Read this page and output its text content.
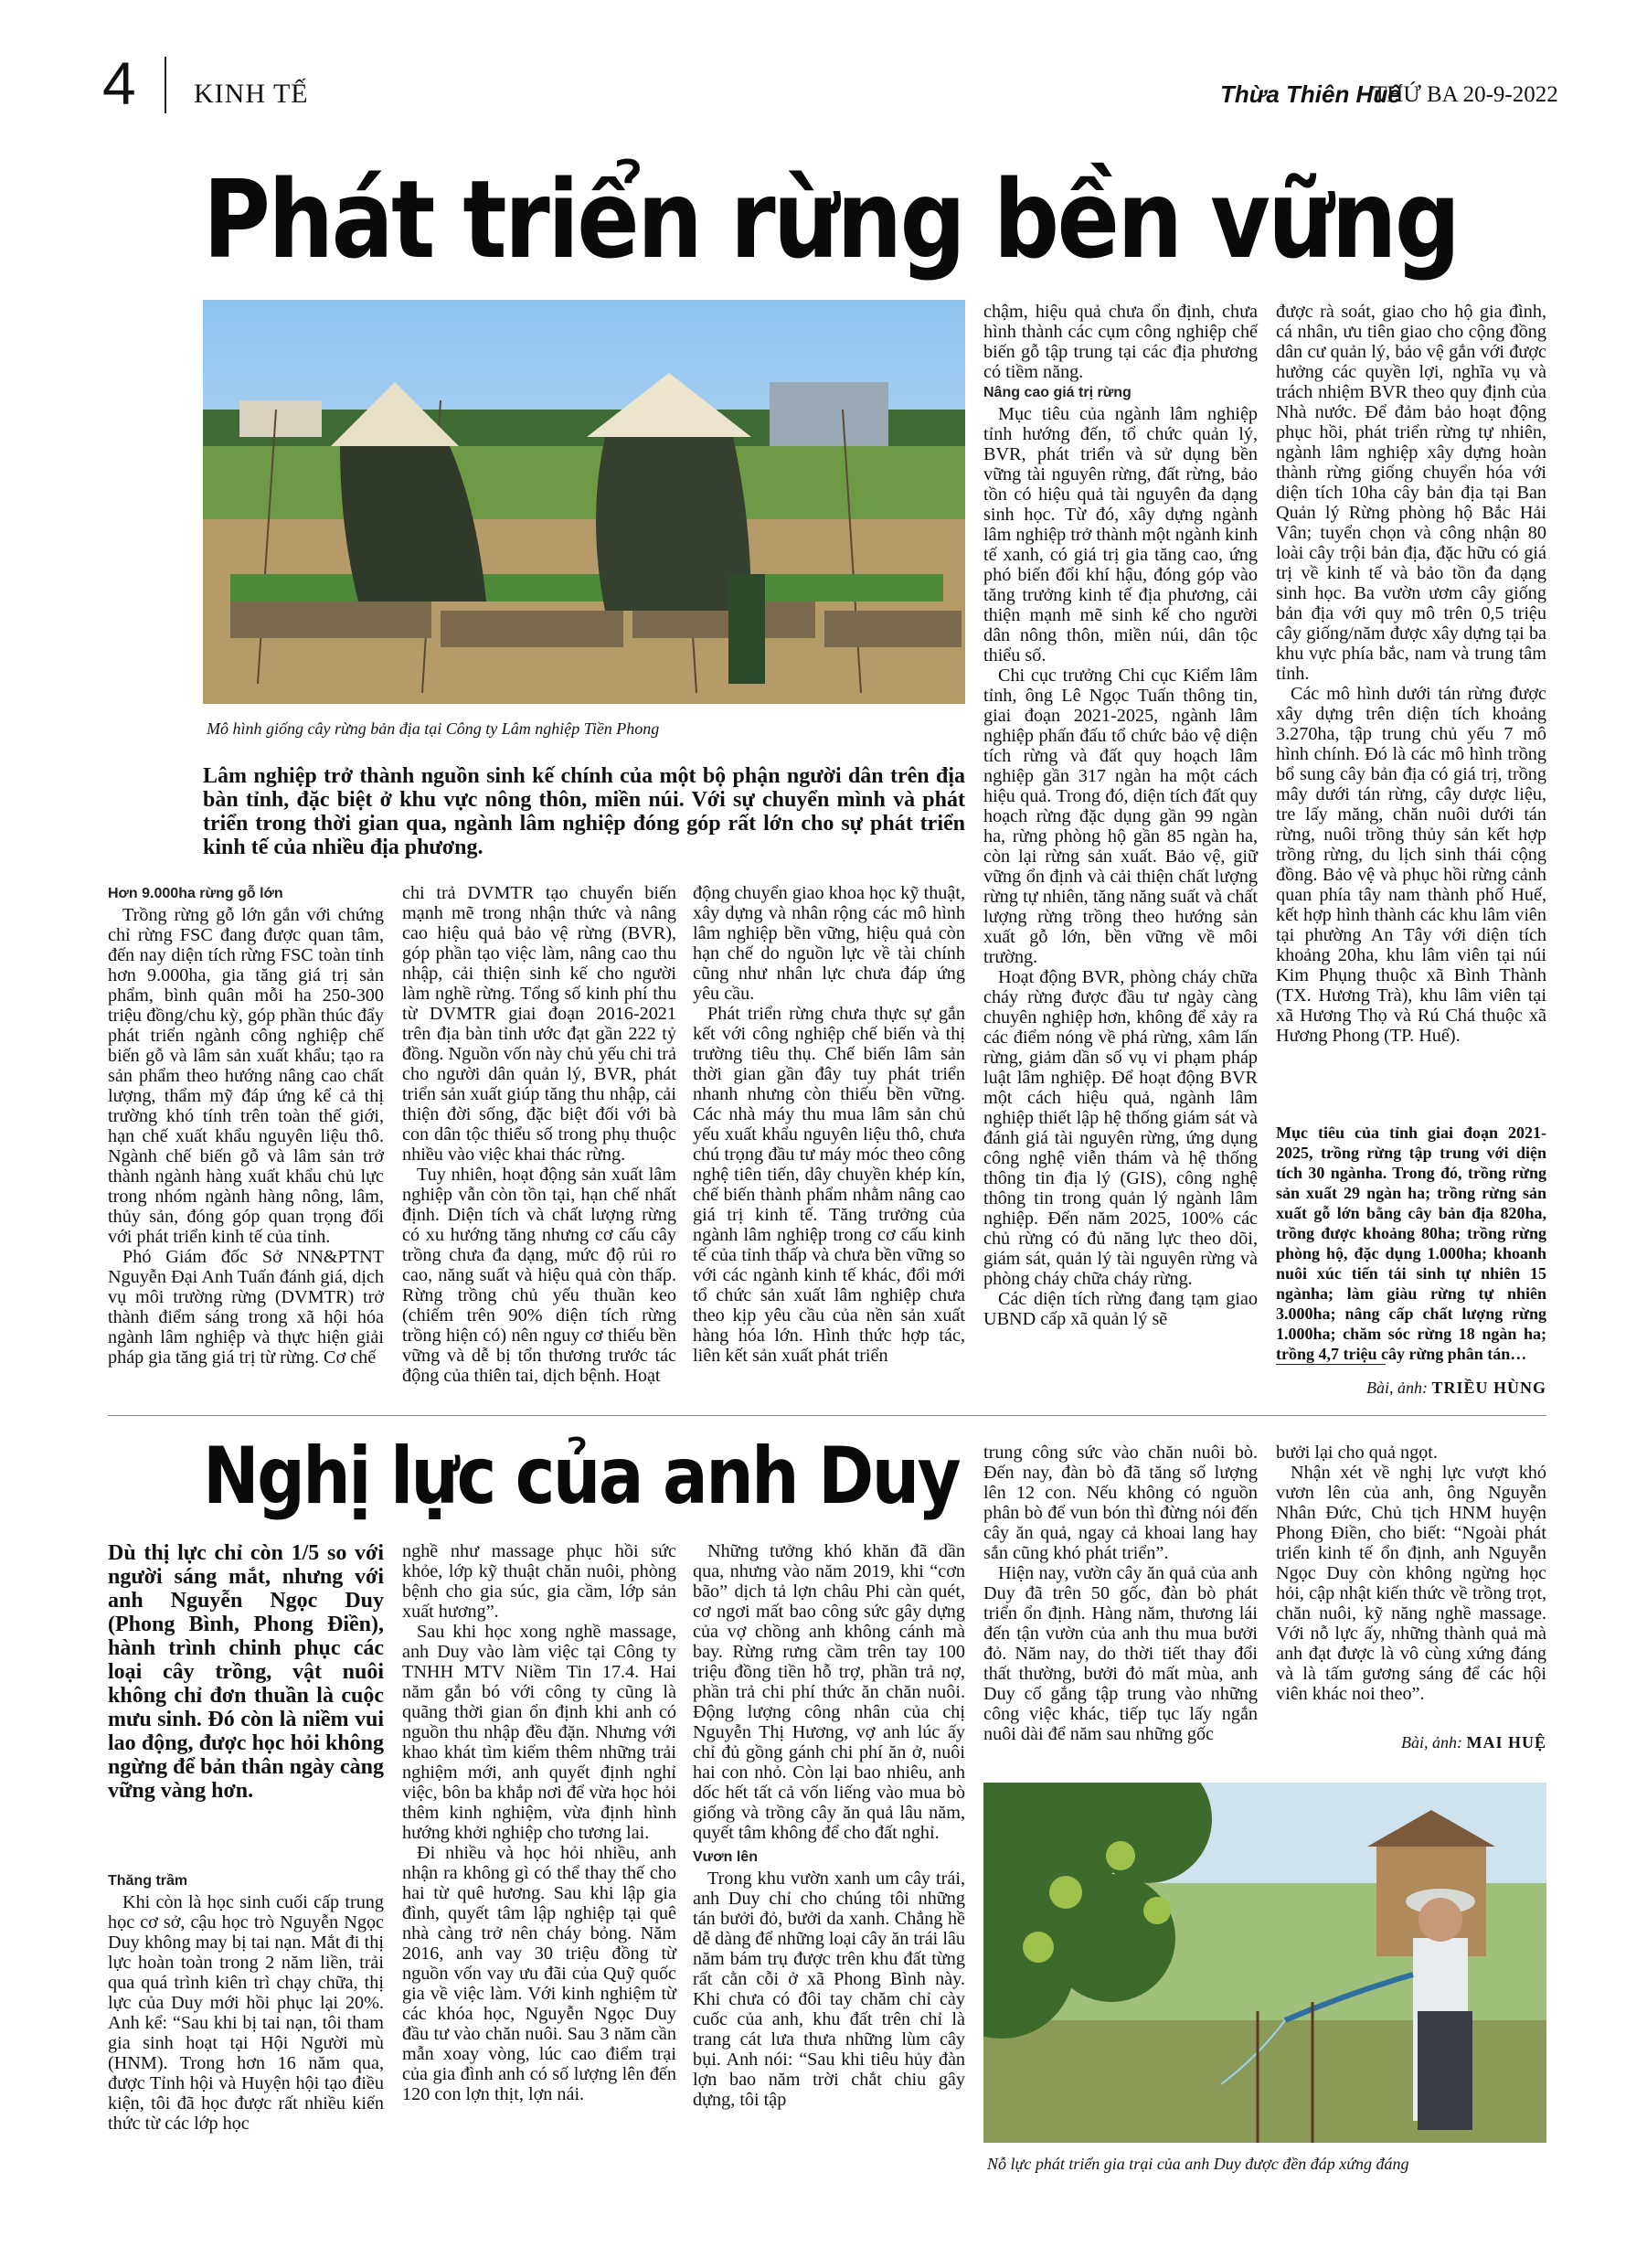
4 KINH TẾ	Thừa Thiên Huế
THỨ BA 20-9-2022
Phát triển rừng bền vững
Mô hình giống cây rừng bản địa tại Công ty Lâm nghiệp Tiền Phong
Lâm nghiệp trở thành nguồn sinh kế chính của một bộ phận người dân trên địa bàn tỉnh, đặc biệt ở khu vực nông thôn, miền núi. Với sự chuyển mình và phát triển trong thời gian qua, ngành lâm nghiệp đóng góp rất lớn cho sự phát triển kinh tế của nhiều địa phương.
Hơn 9.000ha rừng gỗ lớn

Trồng rừng gỗ lớn gắn với chứng chỉ rừng FSC đang được quan tâm, đến nay diện tích rừng FSC toàn tỉnh hơn 9.000ha, gia tăng giá trị sản phẩm, bình quân mỗi ha 250-300 triệu đồng/chu kỳ, góp phần thúc đẩy phát triển ngành công nghiệp chế biến gỗ và lâm sản xuất khẩu; tạo ra sản phẩm theo hướng nâng cao chất lượng, thẩm mỹ đáp ứng kể cả thị trường khó tính trên toàn thế giới, hạn chế xuất khẩu nguyên liệu thô. Ngành chế biến gỗ và lâm sản trở thành ngành hàng xuất khẩu chủ lực trong nhóm ngành hàng nông, lâm, thủy sản, đóng góp quan trọng đối với phát triển kinh tế của tỉnh.

Phó Giám đốc Sở NN&PTNT Nguyễn Đại Anh Tuấn đánh giá, dịch vụ môi trường rừng (DVMTR) trở thành điểm sáng trong xã hội hóa ngành lâm nghiệp và thực hiện giải pháp gia tăng giá trị từ rừng. Cơ chế

chi trả DVMTR tạo chuyển biến mạnh mẽ trong nhận thức và nâng cao hiệu quả bảo vệ rừng (BVR), góp phần tạo việc làm, nâng cao thu nhập, cải thiện sinh kế cho người làm nghề rừng. Tổng số kinh phí thu từ DVMTR giai đoạn 2016-2021 trên địa bàn tỉnh ước đạt gần 222 tỷ đồng. Nguồn vốn này chủ yếu chi trả cho người dân quản lý, BVR, phát triển sản xuất giúp tăng thu nhập, cải thiện đời sống, đặc biệt đối với bà con dân tộc thiểu số trong phụ thuộc nhiều vào việc khai thác rừng.

Tuy nhiên, hoạt động sản xuất lâm nghiệp vẫn còn tồn tại, hạn chế nhất định. Diện tích và chất lượng rừng có xu hướng tăng nhưng cơ cấu cây trồng chưa đa dạng, mức độ rủi ro cao, năng suất và hiệu quả còn thấp. Rừng trồng chủ yếu thuần keo (chiếm trên 90% diện tích rừng trồng hiện có) nên nguy cơ thiếu bền vững và dễ bị tổn thương trước tác động của thiên tai, dịch bệnh. Hoạt

động chuyển giao khoa học kỹ thuật, xây dựng và nhân rộng các mô hình lâm nghiệp bền vững, hiệu quả còn hạn chế do nguồn lực về tài chính cũng như nhân lực chưa đáp ứng yêu cầu.

Phát triển rừng chưa thực sự gắn kết với công nghiệp chế biến và thị trường tiêu thụ. Chế biến lâm sản thời gian gần đây tuy phát triển nhanh nhưng còn thiếu bền vững. Các nhà máy thu mua lâm sản chủ yếu xuất khẩu nguyên liệu thô, chưa chú trọng đầu tư máy móc theo công nghệ tiên tiến, dây chuyền khép kín, chế biến thành phẩm nhằm nâng cao giá trị kinh tế. Tăng trưởng của ngành lâm nghiệp trong cơ cấu kinh tế của tỉnh thấp và chưa bền vững so với các ngành kinh tế khác, đổi mới tổ chức sản xuất lâm nghiệp chưa theo kịp yêu cầu của nền sản xuất hàng hóa lớn. Hình thức hợp tác, liên kết sản xuất phát triển

chậm, hiệu quả chưa ổn định, chưa hình thành các cụm công nghiệp chế biến gỗ tập trung tại các địa phương có tiềm năng.

Nâng cao giá trị rừng

Mục tiêu của ngành lâm nghiệp tỉnh hướng đến, tổ chức quản lý, BVR, phát triển và sử dụng bền vững tài nguyên rừng, đất rừng, bảo tồn có hiệu quả tài nguyên đa dạng sinh học. Từ đó, xây dựng ngành lâm nghiệp trở thành một ngành kinh tế xanh, có giá trị gia tăng cao, ứng phó biến đổi khí hậu, đóng góp vào tăng trưởng kinh tế địa phương, cải thiện mạnh mẽ sinh kế cho người dân nông thôn, miền núi, dân tộc thiểu số.

Chi cục trưởng Chi cục Kiểm lâm tỉnh, ông Lê Ngọc Tuấn thông tin, giai đoạn 2021-2025, ngành lâm nghiệp phấn đấu tổ chức bảo vệ diện tích rừng và đất quy hoạch lâm nghiệp gần 317 ngàn ha một cách hiệu quả. Trong đó, diện tích đất quy hoạch rừng đặc dụng gần 99 ngàn ha, rừng phòng hộ gần 85 ngàn ha, còn lại rừng sản xuất. Bảo vệ, giữ vững ổn định và cải thiện chất lượng rừng tự nhiên, tăng năng suất và chất lượng rừng trồng theo hướng sản xuất gỗ lớn, bền vững về môi trường.

Hoạt động BVR, phòng cháy chữa cháy rừng được đầu tư ngày càng chuyên nghiệp hơn, không để xảy ra các điểm nóng về phá rừng, xâm lấn rừng, giảm dần số vụ vi phạm pháp luật lâm nghiệp. Để hoạt động BVR một cách hiệu quả, ngành lâm nghiệp thiết lập hệ thống giám sát và đánh giá tài nguyên rừng, ứng dụng công nghệ viễn thám và hệ thống thông tin địa lý (GIS), công nghệ thông tin trong quản lý ngành lâm nghiệp. Đến năm 2025, 100% các chủ rừng có đủ năng lực theo dõi, giám sát, quản lý tài nguyên rừng và phòng cháy chữa cháy rừng.

Các diện tích rừng đang tạm giao UBND cấp xã quản lý sẽ

được rà soát, giao cho hộ gia đình, cá nhân, ưu tiên giao cho cộng đồng dân cư quản lý, bảo vệ gắn với được hưởng các quyền lợi, nghĩa vụ và trách nhiệm BVR theo quy định của Nhà nước. Để đảm bảo hoạt động phục hồi, phát triển rừng tự nhiên, ngành lâm nghiệp xây dựng hoàn thành rừng giống chuyển hóa với diện tích 10ha cây bản địa tại Ban Quản lý Rừng phòng hộ Bắc Hải Vân; tuyển chọn và công nhận 80 loài cây trội bản địa, đặc hữu có giá trị về kinh tế và bảo tồn đa dạng sinh học. Ba vườn ươm cây giống bản địa với quy mô trên 0,5 triệu cây giống/năm được xây dựng tại ba khu vực phía bắc, nam và trung tâm tỉnh.

Các mô hình dưới tán rừng được xây dựng trên diện tích khoảng 3.270ha, tập trung chủ yếu 7 mô hình chính. Đó là các mô hình trồng bổ sung cây bản địa có giá trị, trồng mây dưới tán rừng, cây dược liệu, tre lấy măng, chăn nuôi dưới tán rừng, nuôi trồng thủy sản kết hợp trồng rừng, du lịch sinh thái cộng đồng. Bảo vệ và phục hồi rừng cảnh quan phía tây nam thành phố Huế, kết hợp hình thành các khu lâm viên tại phường An Tây với diện tích khoảng 20ha, khu lâm viên tại núi Kim Phụng thuộc xã Bình Thành (TX. Hương Trà), khu lâm viên tại xã Hương Thọ và Rú Chá thuộc xã Hương Phong (TP. Huế).

Mục tiêu của tỉnh giai đoạn 2021-2025, trồng rừng tập trung với diện tích 30 ngànha. Trong đó, trồng rừng sản xuất 29 ngàn ha; trồng rừng sản xuất gỗ lớn bằng cây bản địa 820ha, trồng được khoảng 80ha; trồng rừng phòng hộ, đặc dụng 1.000ha; khoanh nuôi xúc tiến tái sinh tự nhiên 15 ngànha; làm giàu rừng tự nhiên 3.000ha; nâng cấp chất lượng rừng 1.000ha; chăm sóc rừng 18 ngàn ha; trồng 4,7 triệu cây rừng phân tán…
Bài, ảnh: TRIỀU HÙNG
Nghị lực của anh Duy
Dù thị lực chỉ còn 1/5 so với người sáng mắt, nhưng với anh Nguyễn Ngọc Duy (Phong Bình, Phong Điền), hành trình chinh phục các loại cây trồng, vật nuôi không chỉ đơn thuần là cuộc mưu sinh. Đó còn là niềm vui lao động, được học hỏi không ngừng để bản thân ngày càng vững vàng hơn.
Thăng trầm

Khi còn là học sinh cuối cấp trung học cơ sở, cậu học trò Nguyễn Ngọc Duy không may bị tai nạn. Mắt đi thị lực hoàn toàn trong 2 năm liền, trải qua quá trình kiên trì chạy chữa, thị lực của Duy mới hồi phục lại 20%. Anh kể: “Sau khi bị tai nạn, tôi tham gia sinh hoạt tại Hội Người mù (HNM). Trong hơn 16 năm qua, được Tỉnh hội và Huyện hội tạo điều kiện, tôi đã học được rất nhiều kiến thức từ các lớp học

nghề như massage phục hồi sức khỏe, lớp kỹ thuật chăn nuôi, phòng bệnh cho gia súc, gia cầm, lớp sản xuất hương”.

Sau khi học xong nghề massage, anh Duy vào làm việc tại Công ty TNHH MTV Niềm Tin 17.4. Hai năm gắn bó với công ty cũng là quãng thời gian ổn định khi anh có nguồn thu nhập đều đặn. Nhưng với khao khát tìm kiếm thêm những trải nghiệm mới, anh quyết định nghỉ việc, bôn ba khắp nơi để vừa học hỏi thêm kinh nghiệm, vừa định hình hướng khởi nghiệp cho tương lai.

Đi nhiều và học hỏi nhiều, anh nhận ra không gì có thể thay thế cho hai từ quê hương. Sau khi lập gia đình, quyết tâm lập nghiệp tại quê nhà càng trở nên cháy bỏng. Năm 2016, anh vay 30 triệu đồng từ nguồn vốn vay ưu đãi của Quỹ quốc gia về việc làm. Với kinh nghiệm từ các khóa học, Nguyễn Ngọc Duy đầu tư vào chăn nuôi. Sau 3 năm cần mẫn xoay vòng, lúc cao điểm trại của gia đình anh có số lượng lên đến 120 con lợn thịt, lợn nái.

Những tưởng khó khăn đã dần qua, nhưng vào năm 2019, khi “cơn bão” dịch tả lợn châu Phi càn quét, cơ ngơi mất bao công sức gây dựng của vợ chồng anh không cánh mà bay. Rừng rưng cầm trên tay 100 triệu đồng tiền hỗ trợ, phần trả nợ, phần trả chi phí thức ăn chăn nuôi. Động lượng công nhân của chị Nguyễn Thị Hương, vợ anh lúc ấy chỉ đủ gồng gánh chi phí ăn ở, nuôi hai con nhỏ. Còn lại bao nhiêu, anh dốc hết tất cả vốn liếng vào mua bò giống và trồng cây ăn quả lâu năm, quyết tâm không để cho đất nghỉ.

Vươn lên

Trong khu vườn xanh um cây trái, anh Duy chỉ cho chúng tôi những tán bưởi đỏ, bưởi da xanh. Chẳng hề dễ dàng để những loại cây ăn trái lâu năm bám trụ được trên khu đất từng rất cằn cỗi ở xã Phong Bình này. Khi chưa có đôi tay chăm chỉ cày cuốc của anh, khu đất trên chỉ là trang cát lưa thưa những lùm cây bụi. Anh nói: “Sau khi tiêu hủy đàn lợn bao năm trời chắt chiu gây dựng, tôi tập

trung công sức vào chăn nuôi bò. Đến nay, đàn bò đã tăng số lượng lên 12 con. Nếu không có nguồn phân bò để vun bón thì đừng nói đến cây ăn quả, ngay cả khoai lang hay sắn cũng khó phát triển”.

Hiện nay, vườn cây ăn quả của anh Duy đã trên 50 gốc, đàn bò phát triển ổn định. Hàng năm, thương lái đến tận vườn của anh thu mua bưởi đỏ. Năm nay, do thời tiết thay đổi thất thường, bưởi đỏ mất mùa, anh Duy cố gắng tập trung vào những công việc khác, tiếp tục lấy ngắn nuôi dài để năm sau những gốc

bưởi lại cho quả ngọt.

Nhận xét về nghị lực vượt khó vươn lên của anh, ông Nguyễn Nhân Đức, Chủ tịch HNM huyện Phong Điền, cho biết: “Ngoài phát triển kinh tế ổn định, anh Nguyễn Ngọc Duy còn không ngừng học hỏi, cập nhật kiến thức về trồng trọt, chăn nuôi, kỹ năng nghề massage. Với nỗ lực ấy, những thành quả mà anh đạt được là vô cùng xứng đáng và là tấm gương sáng để các hội viên khác noi theo”.

Bài, ảnh: MAI HUỆ
Nỗ lực phát triển gia trại của anh Duy được đền đáp xứng đáng
